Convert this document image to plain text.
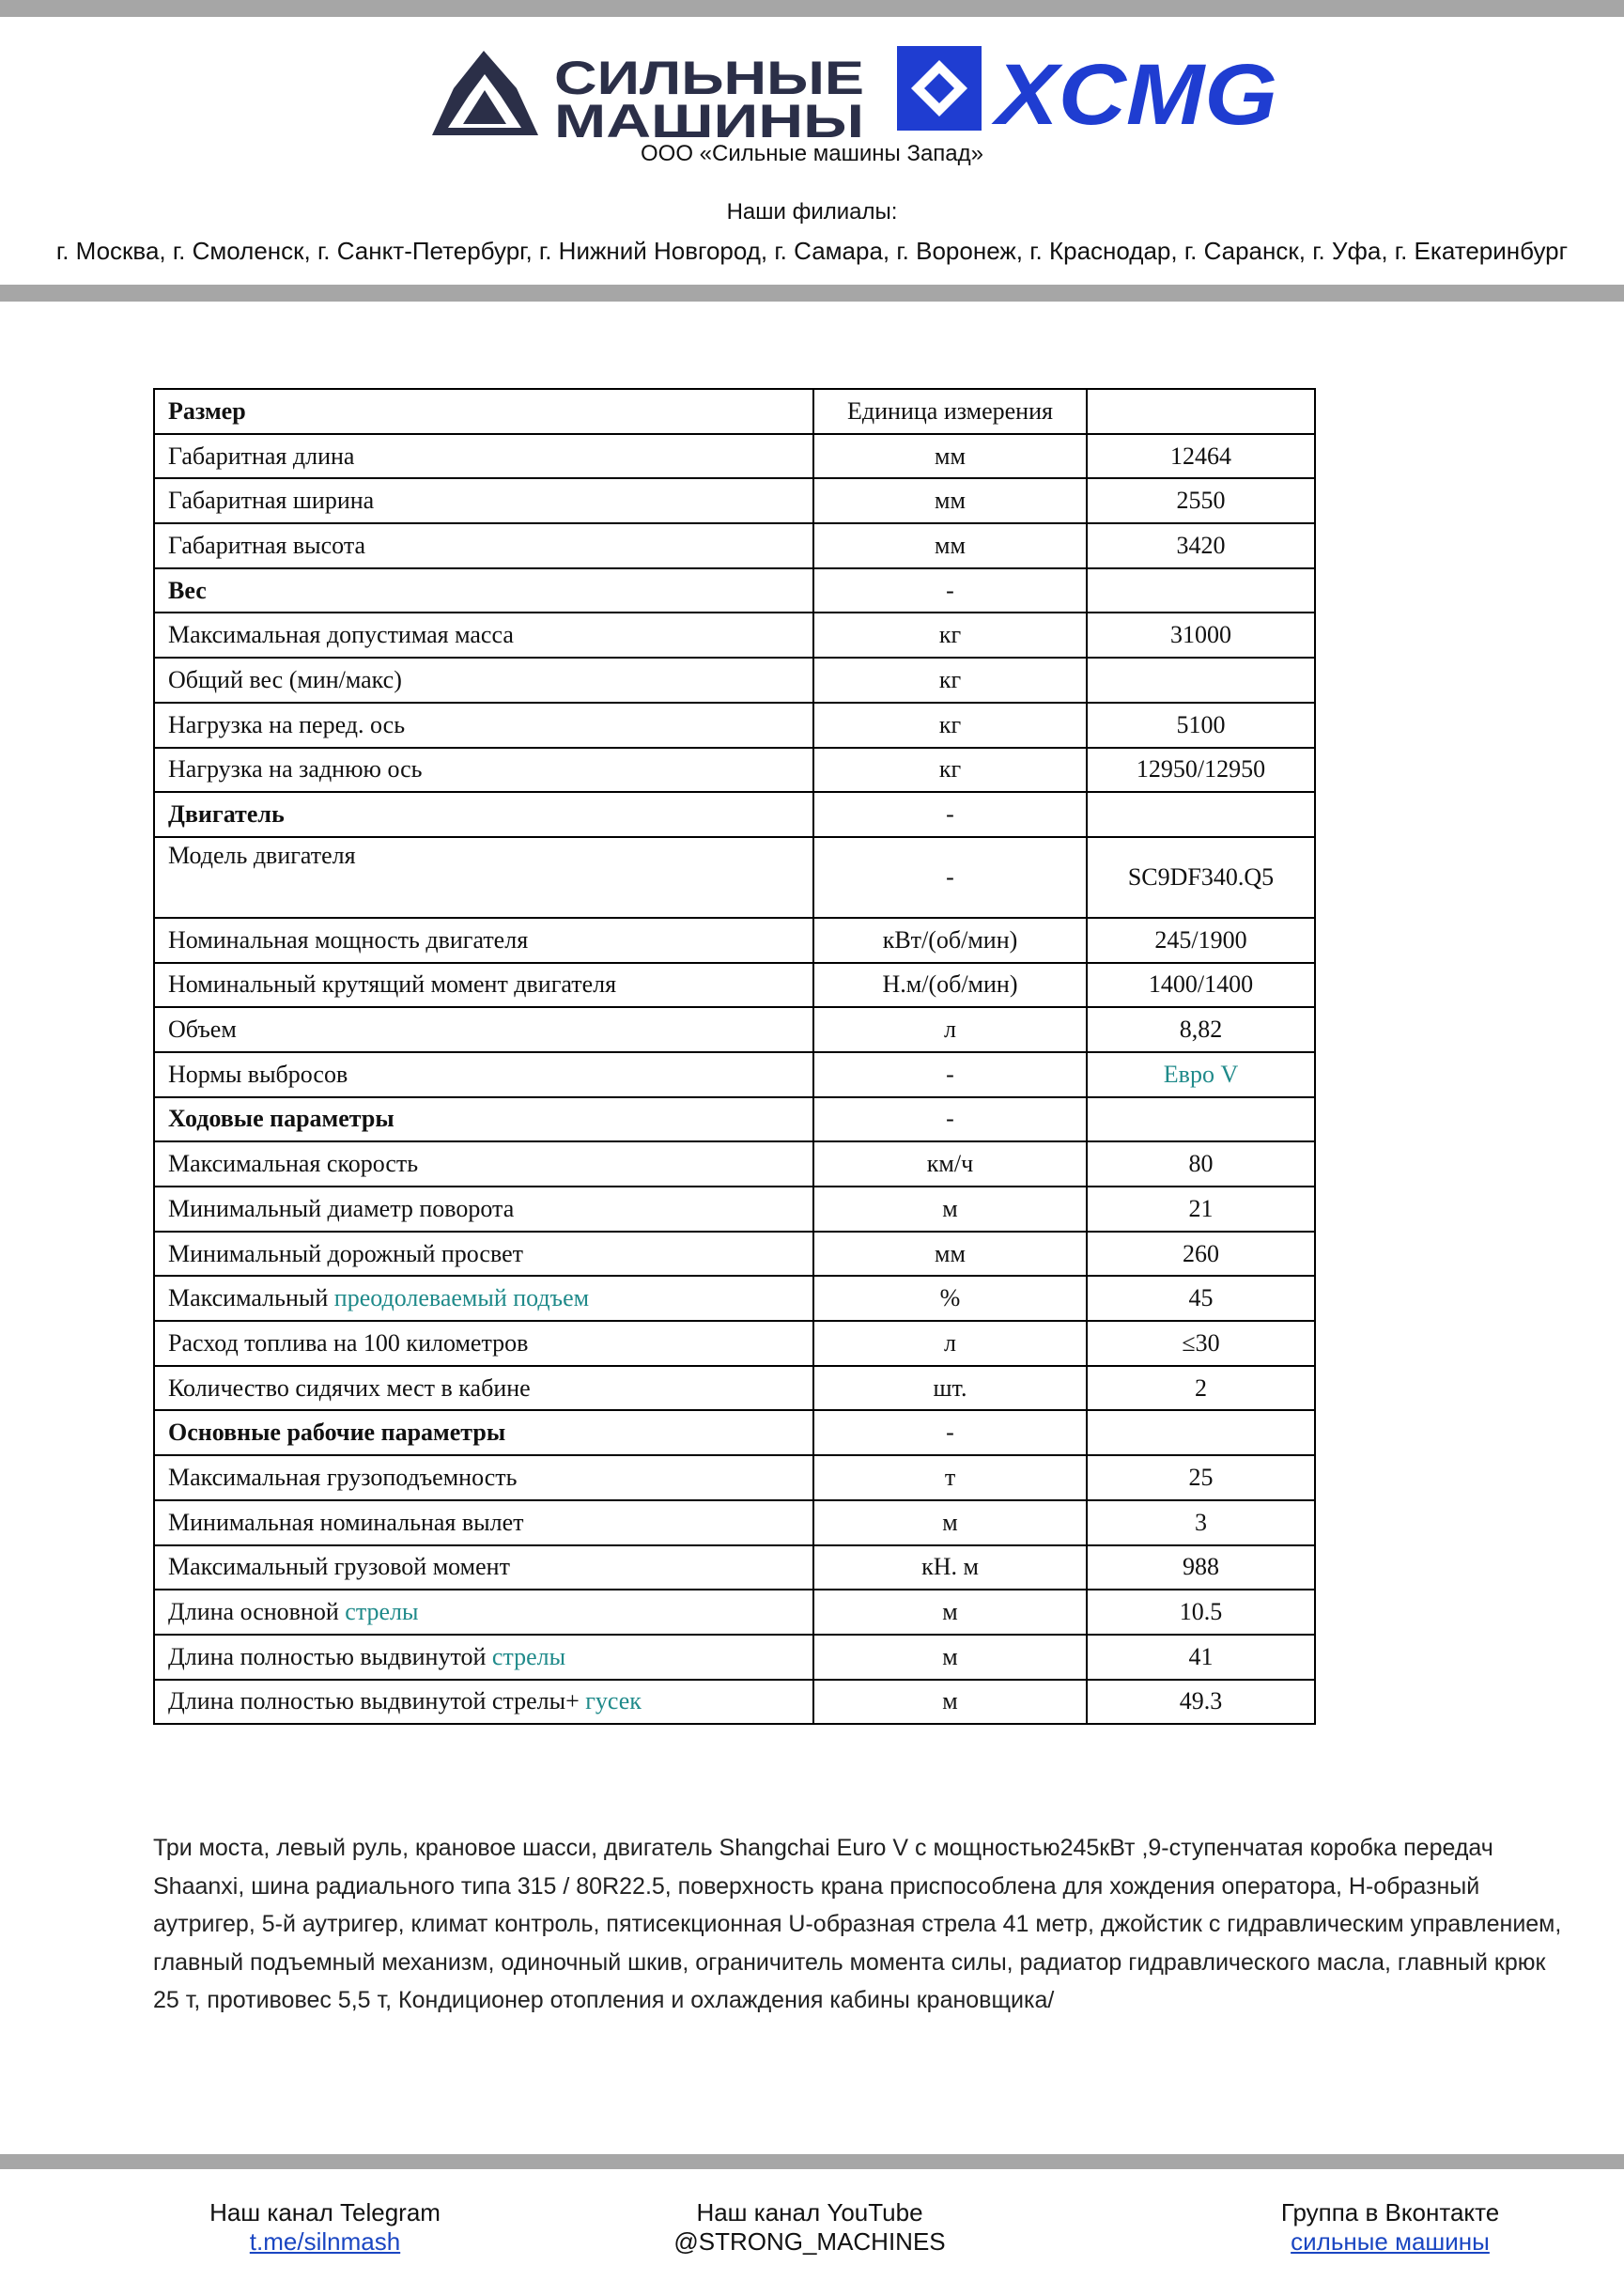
СИЛЬНЫЕ
МАШИНЫ XCMG
ООО «Сильные машины Запад»
Наши филиалы:
г. Москва, г. Смоленск, г. Санкт-Петербург, г. Нижний Новгород, г. Самара, г. Воронеж, г. Краснодар, г. Саранск, г. Уфа, г. Екатеринбург
Размер	Единица измерения	
Габаритная длина	мм	12464
Габаритная ширина	мм	2550
Габаритная высота	мм	3420
Вес	-	
Максимальная допустимая масса	кг	31000
Общий вес (мин/макс)	кг	
Нагрузка на перед. ось	кг	5100
Нагрузка на заднюю ось	кг	12950/12950
Двигатель	-	
Модель двигателя	-	SC9DF340.Q5
Номинальная мощность двигателя	кВт/(об/мин)	245/1900
Номинальный крутящий момент двигателя	Н.м/(об/мин)	1400/1400
Объем	л	8,82
Нормы выбросов	-	Евро V
Ходовые параметры	-	
Максимальная скорость	км/ч	80
Минимальный диаметр поворота	м	21
Минимальный дорожный просвет	мм	260
Максимальный преодолеваемый подъем	%	45
Расход топлива на 100 километров	л	≤30
Количество сидячих мест в кабине	шт.	2
Основные рабочие параметры	-	
Максимальная грузоподъемность	т	25
Минимальная номинальная вылет	м	3
Максимальный грузовой момент	кН. м	988
Длина основной стрелы	м	10.5
Длина полностью выдвинутой стрелы	м	41
Длина полностью выдвинутой стрелы+ гусек	м	49.3
Три моста, левый руль, крановое шасси, двигатель Shangchai Euro V с мощностью245кВт ,9-ступенчатая коробка передач Shaanxi, шина радиального типа 315 / 80R22.5, поверхность крана приспособлена для хождения оператора, H-образный аутригер, 5-й аутригер, климат контроль, пятисекционная U-образная стрела 41 метр, джойстик с гидравлическим управлением, главный подъемный механизм, одиночный шкив, ограничитель момента силы, радиатор гидравлического масла, главный крюк 25 т, противовес 5,5 т, Кондиционер отопления и охлаждения кабины крановщика/
Наш канал Telegram
t.me/silnmash
Наш канал YouTube
@STRONG_MACHINES
Группа в Вконтакте
сильные машины
